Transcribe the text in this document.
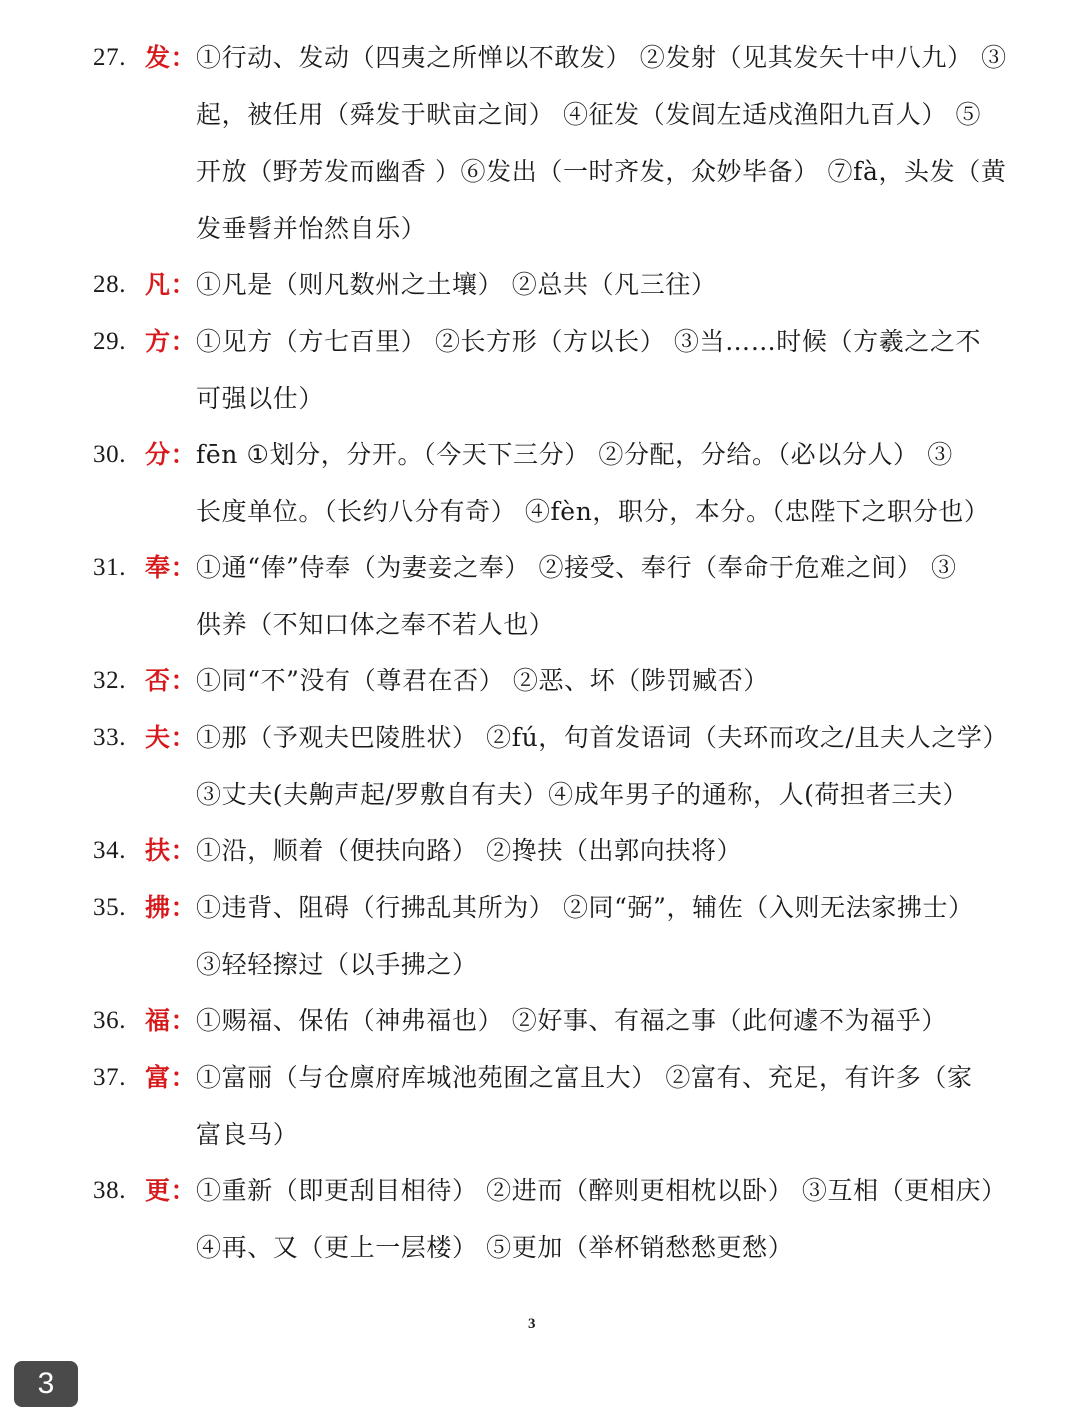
27. 发： ①行动、发动（四夷之所惮以不敢发） ②发射（见其发矢十中八九） ③
起，被任用（舜发于畎亩之间） ④征发（发闾左适戍渔阳九百人） ⑤
开放（野芳发而幽香 ）⑥发出（一时齐发，众妙毕备） ⑦fà，头发（黄
发垂髫并怡然自乐）
28. 凡： ①凡是（则凡数州之土壤） ②总共（凡三往）
29. 方： ①见方（方七百里） ②长方形（方以长） ③当……时候（方羲之之不
可强以仕）
30. 分： fēn ①划分，分开。（今天下三分） ②分配，分给。（必以分人） ③
长度单位。（长约八分有奇） ④fèn，职分，本分。（忠陛下之职分也）
31. 奉： ①通“俸”侍奉（为妻妾之奉） ②接受、奉行（奉命于危难之间） ③
供养（不知口体之奉不若人也）
32. 否： ①同“不”没有（尊君在否） ②恶、坏（陟罚臧否）
33. 夫： ①那（予观夫巴陵胜状） ②fú，句首发语词（夫环而攻之/且夫人之学）
③丈夫(夫齁声起/罗敷自有夫）④成年男子的通称，人(荷担者三夫）
34. 扶： ①沿，顺着（便扶向路） ②搀扶（出郭向扶将）
35. 拂： ①违背、阻碍（行拂乱其所为） ②同“弼”，辅佐（入则无法家拂士）
③轻轻擦过（以手拂之）
36. 福： ①赐福、保佑（神弗福也） ②好事、有福之事（此何遽不为福乎）
37. 富： ①富丽（与仓廪府库城池苑囿之富且大） ②富有、充足，有许多（家
富良马）
38. 更： ①重新（即更刮目相待） ②进而（醉则更相枕以卧） ③互相（更相庆）
④再、又（更上一层楼） ⑤更加（举杯销愁愁更愁）
3
3
